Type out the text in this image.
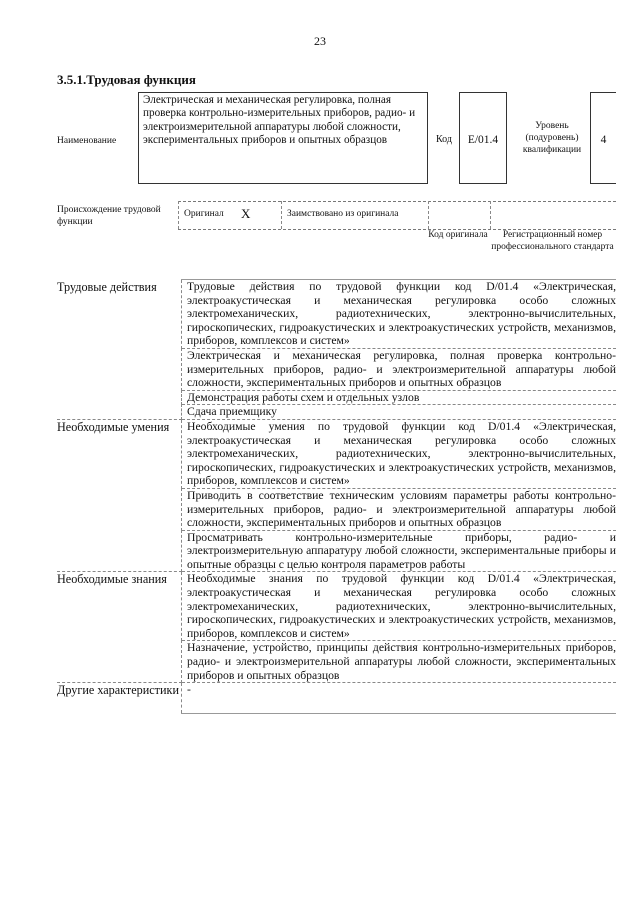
23
3.5.1.Трудовая функция
Наименование
Электрическая и механическая регулировка, полная проверка контрольно-измерительных приборов, радио- и электроизмерительной аппаратуры любой сложности, экспериментальных приборов и опытных образцов	Код	E/01.4
Уровень (подуровень) квалификации
4
Происхождение трудовой функции
Оригинал X	Заимствовано из оригинала
Код оригинала	Регистрационный номер профессионального стандарта
Трудовые действия	Трудовые действия по трудовой функции код D/01.4 «Электрическая, электроакустическая и механическая регулировка особо сложных электромеханических, радиотехнических, электронно-вычислительных, гироскопических, гидроакустических и электроакустических устройств, механизмов, приборов, комплексов и систем»
	Электрическая и механическая регулировка, полная проверка контрольно-измерительных приборов, радио- и электроизмерительной аппаратуры любой сложности, экспериментальных приборов и опытных образцов
	Демонстрация работы схем и отдельных узлов
	Сдача приемщику
Необходимые умения	Необходимые умения по трудовой функции код D/01.4 «Электрическая, электроакустическая и механическая регулировка особо сложных электромеханических, радиотехнических, электронно-вычислительных, гироскопических, гидроакустических и электроакустических устройств, механизмов, приборов, комплексов и систем»
	Приводить в соответствие техническим условиям параметры работы контрольно-измерительных приборов, радио- и электроизмерительной аппаратуры любой сложности, экспериментальных приборов и опытных образцов
	Просматривать контрольно-измерительные приборы, радио- и электроизмерительную аппаратуру любой сложности, экспериментальные приборы и опытные образцы с целью контроля параметров работы
Необходимые знания	Необходимые знания по трудовой функции код D/01.4 «Электрическая, электроакустическая и механическая регулировка особо сложных электромеханических, радиотехнических, электронно-вычислительных, гироскопических, гидроакустических и электроакустических устройств, механизмов, приборов, комплексов и систем»
	Назначение, устройство, принципы действия контрольно-измерительных приборов, радио- и электроизмерительной аппаратуры любой сложности, экспериментальных приборов и опытных образцов
Другие характеристики	-
